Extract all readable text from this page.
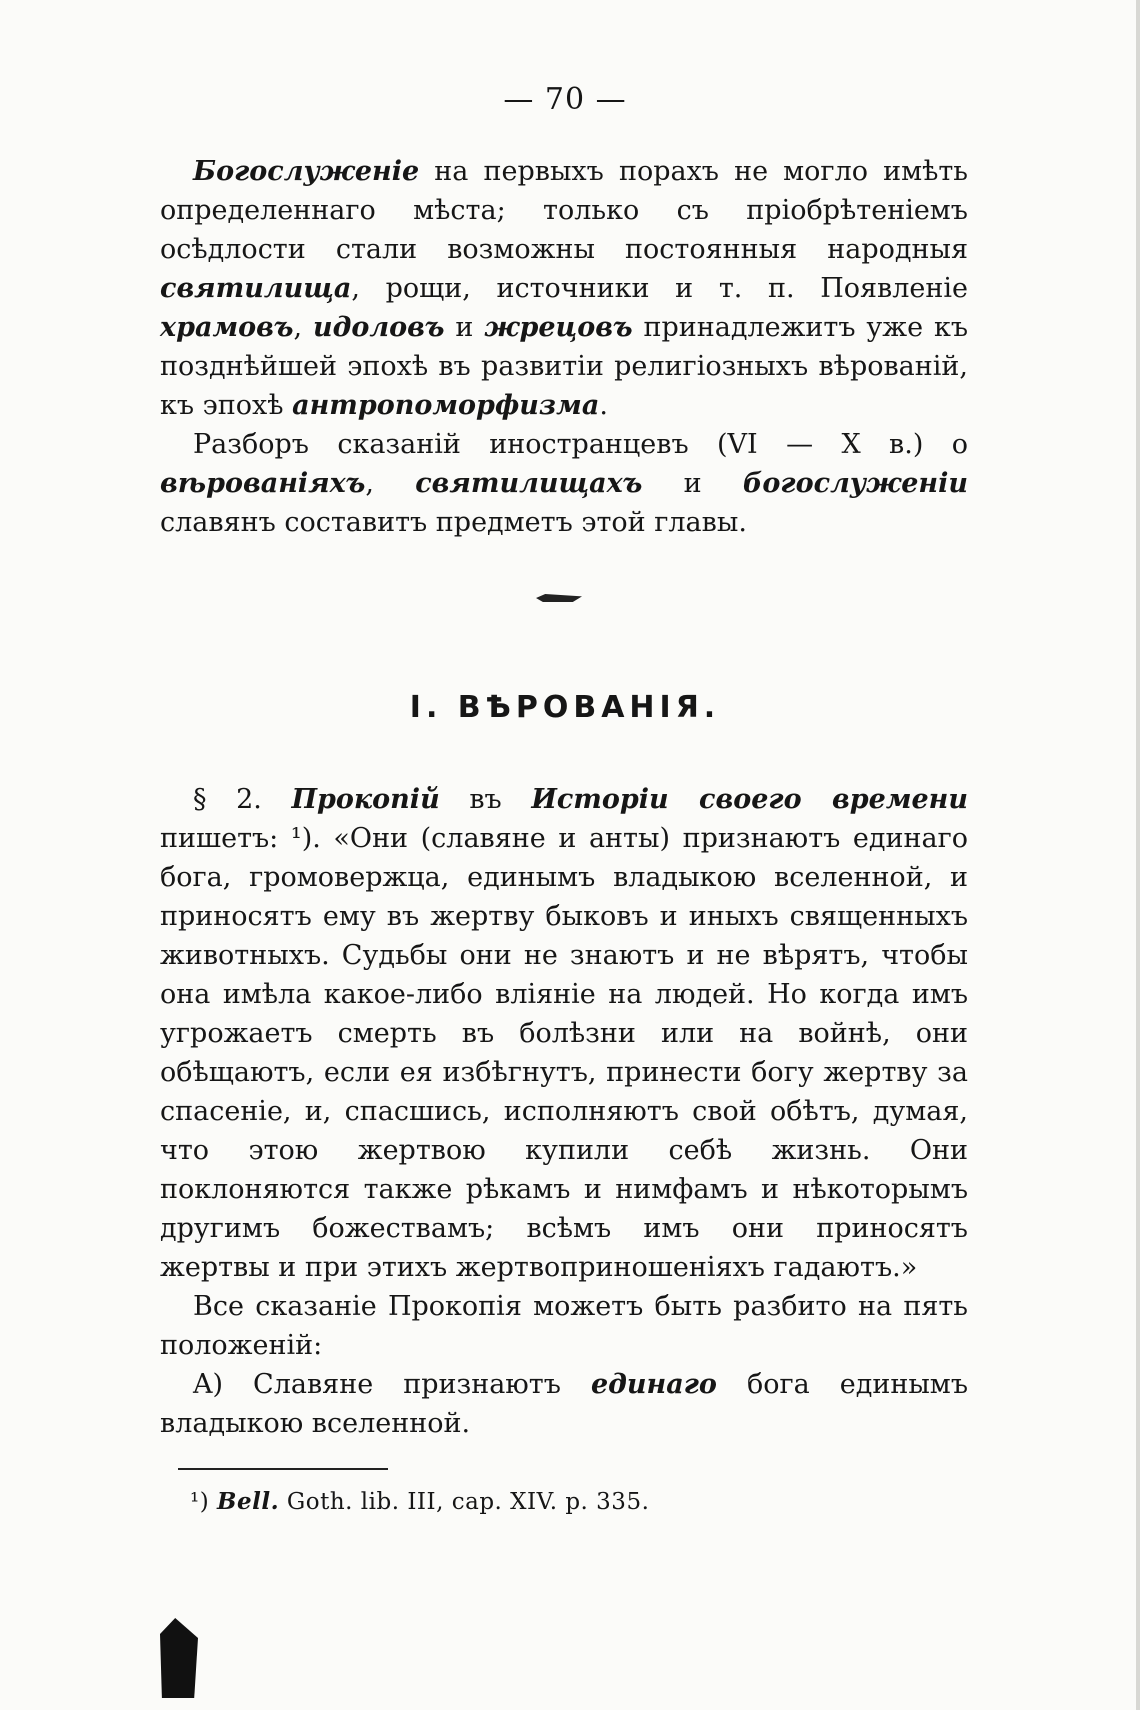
— 70 —

Богослуженіе на первыхъ порахъ не могло имѣть определеннаго мѣста; только съ пріобрѣтеніемъ осѣдлости стали возможны постоянныя народныя святилища, рощи, источники и т. п. Появленіе храмовъ, идоловъ и жрецовъ принадлежитъ уже къ позднѣйшей эпохѣ въ развитіи религіозныхъ вѣрованій, къ эпохѣ антропоморфизма.

Разборъ сказаній иностранцевъ (VI — X в.) о вѣрованіяхъ, святилищахъ и богослуженіи славянъ составитъ предметъ этой главы.

I. ВѢРОВАНІЯ.

§ 2. Прокопій въ Исторіи своего времени пишетъ: ¹). «Они (славяне и анты) признаютъ единаго бога, громовержца, единымъ владыкою вселенной, и приносятъ ему въ жертву быковъ и иныхъ священныхъ животныхъ. Судьбы они не знаютъ и не вѣрятъ, чтобы она имѣла какое-либо вліяніе на людей. Но когда имъ угрожаетъ смерть въ болѣзни или на войнѣ, они обѣщаютъ, если ея избѣгнутъ, принести богу жертву за спасеніе, и, спасшись, исполняютъ свой обѣтъ, думая, что этою жертвою купили себѣ жизнь. Они поклоняются также рѣкамъ и нимфамъ и нѣкоторымъ другимъ божествамъ; всѣмъ имъ они приносятъ жертвы и при этихъ жертвоприношеніяхъ гадаютъ.»

Все сказаніе Прокопія можетъ быть разбито на пять положеній:

A) Славяне признаютъ единаго бога единымъ владыкою вселенной.

¹) Bell. Goth. lib. III, cap. XIV. p. 335.
